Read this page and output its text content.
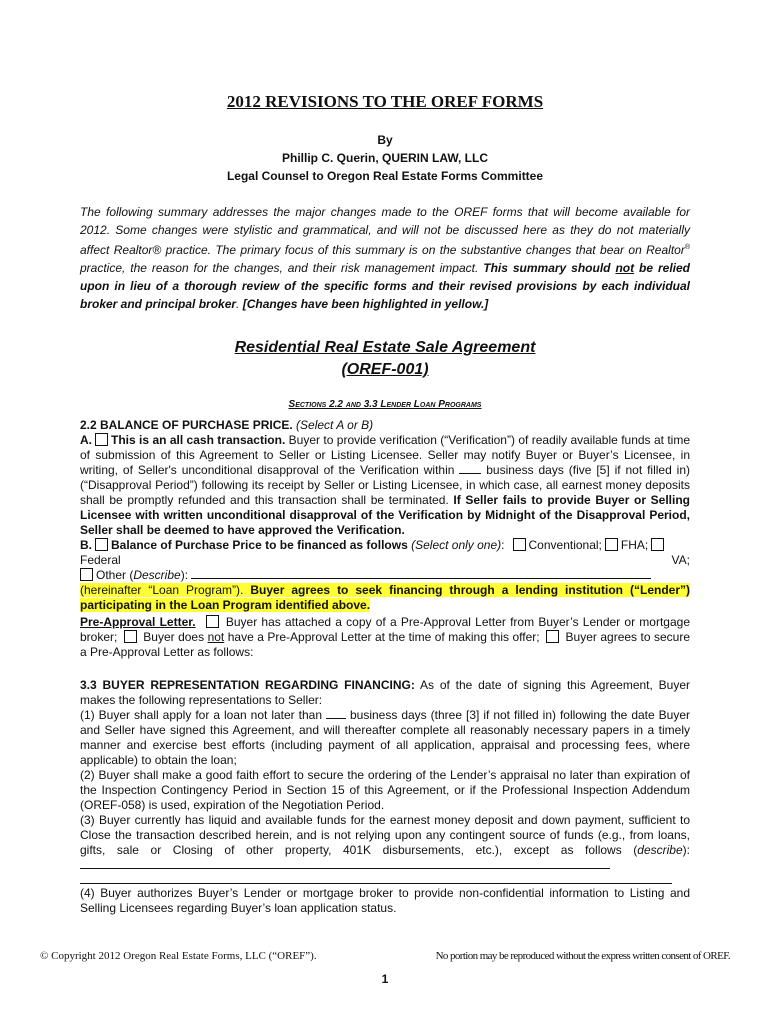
2012 REVISIONS TO THE OREF FORMS
By
Phillip C. Querin, QUERIN LAW, LLC
Legal Counsel to Oregon Real Estate Forms Committee
The following summary addresses the major changes made to the OREF forms that will become available for 2012. Some changes were stylistic and grammatical, and will not be discussed here as they do not materially affect Realtor® practice. The primary focus of this summary is on the substantive changes that bear on Realtor® practice, the reason for the changes, and their risk management impact. This summary should not be relied upon in lieu of a thorough review of the specific forms and their revised provisions by each individual broker and principal broker. [Changes have been highlighted in yellow.]
Residential Real Estate Sale Agreement
(OREF-001)
Sections 2.2 and 3.3 Lender Loan Programs

2.2 BALANCE OF PURCHASE PRICE. (Select A or B)

A. This is an all cash transaction. Buyer to provide verification (“Verification”) of readily available funds at time of submission of this Agreement to Seller or Listing Licensee. Seller may notify Buyer or Buyer’s Licensee, in writing, of Seller's unconditional disapproval of the Verification within  business days (five [5] if not filled in) (“Disapproval Period”) following its receipt by Seller or Listing Licensee, in which case, all earnest money deposits shall be promptly refunded and this transaction shall be terminated. If Seller fails to provide Buyer or Selling Licensee with written unconditional disapproval of the Verification by Midnight of the Disapproval Period, Seller shall be deemed to have approved the Verification.

B. Balance of Purchase Price to be financed as follows (Select only one): Conventional; FHA;

Federal	VA;

Other (Describe):

(hereinafter “Loan Program”). Buyer agrees to seek financing through a lending institution (“Lender”) participating in the Loan Program identified above.

Pre-Approval Letter. Buyer has attached a copy of a Pre-Approval Letter from Buyer’s Lender or mortgage broker;  Buyer does not have a Pre-Approval Letter at the time of making this offer;  Buyer agrees to secure a Pre-Approval Letter as follows:

3.3 BUYER REPRESENTATION REGARDING FINANCING: As of the date of signing this Agreement, Buyer makes the following representations to Seller:

(1) Buyer shall apply for a loan not later than  business days (three [3] if not filled in) following the date Buyer and Seller have signed this Agreement, and will thereafter complete all reasonably necessary papers in a timely manner and exercise best efforts (including payment of all application, appraisal and processing fees, where applicable) to obtain the loan;

(2) Buyer shall make a good faith effort to secure the ordering of the Lender’s appraisal no later than expiration of the Inspection Contingency Period in Section 15 of this Agreement, or if the Professional Inspection Addendum (OREF-058) is used, expiration of the Negotiation Period.

(3) Buyer currently has liquid and available funds for the earnest money deposit and down payment, sufficient to Close the transaction described herein, and is not relying upon any contingent source of funds (e.g., from loans, gifts, sale or Closing of other property, 401K disbursements, etc.), except as follows (describe):

(4) Buyer authorizes Buyer’s Lender or mortgage broker to provide non-confidential information to Listing and Selling Licensees regarding Buyer’s loan application status.

© Copyright 2012 Oregon Real Estate Forms, LLC (“OREF”).	No portion may be reproduced without the express written consent of OREF.
1
